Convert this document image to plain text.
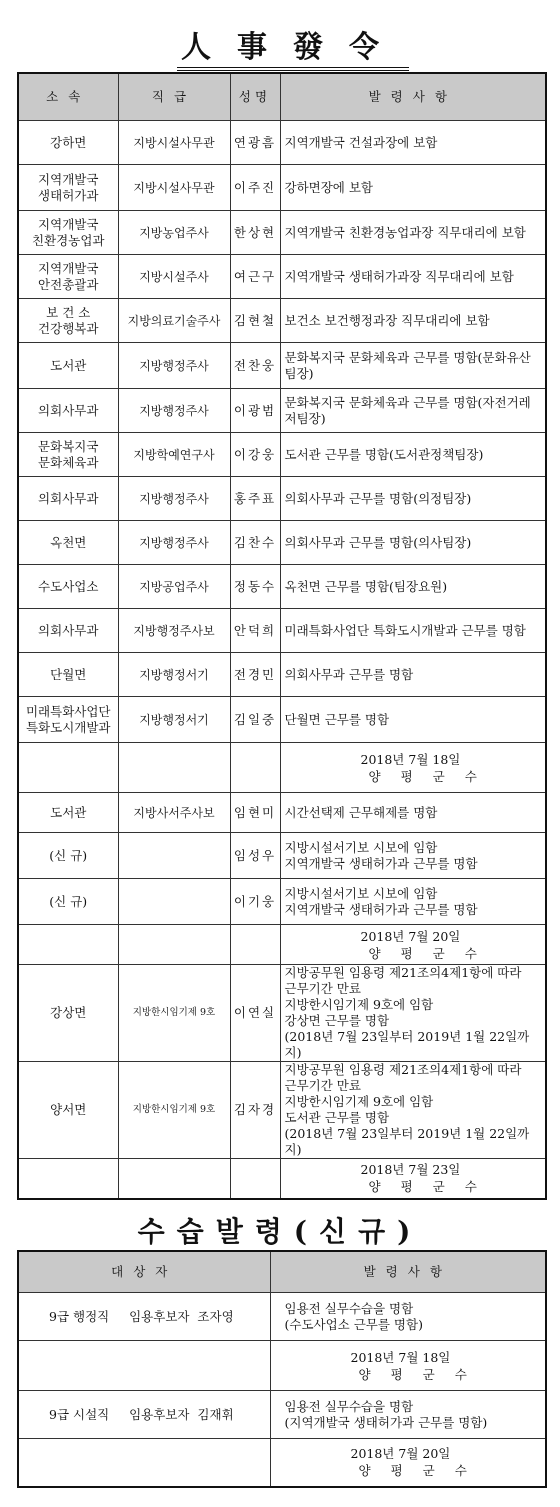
人事發令
소속	직급	성명	발령사항

강하면	지방시설사무관	연광흠	지역개발국 건설과장에 보함

지역개발국
생태허가과	지방시설사무관	이주진	강하면장에 보함

지역개발국
친환경농업과	지방농업주사	한상현	지역개발국 친환경농업과장 직무대리에 보함

지역개발국
안전총괄과	지방시설주사	여근구	지역개발국 생태허가과장 직무대리에 보함

보 건 소
건강행복과	지방의료기술주사	김현철	보건소 보건행정과장 직무대리에 보함

도서관	지방행정주사	전찬웅	문화복지국 문화체육과 근무를 명함(문화유산
팀장)

의회사무과	지방행정주사	이광범	문화복지국 문화체육과 근무를 명함(자전거레
저팀장)

문화복지국
문화체육과	지방학예연구사	이강웅	도서관 근무를 명함(도서관정책팀장)

의회사무과	지방행정주사	홍주표	의회사무과 근무를 명함(의정팀장)

옥천면	지방행정주사	김찬수	의회사무과 근무를 명함(의사팀장)

수도사업소	지방공업주사	정동수	옥천면 근무를 명함(팀장요원)

의회사무과	지방행정주사보	안덕희	미래특화사업단 특화도시개발과 근무를 명함

단월면	지방행정서기	전경민	의회사무과 근무를 명함

미래특화사업단
특화도시개발과	지방행정서기	김일중	단월면 근무를 명함

			2018년 7월 18일
양평군수

도서관	지방사서주사보	임현미	시간선택제 근무해제를 명함

(신 규)		임성우	지방시설서기보 시보에 임함
지역개발국 생태허가과 근무를 명함

(신 규)		이기웅	지방시설서기보 시보에 임함
지역개발국 생태허가과 근무를 명함

			2018년 7월 20일
양평군수

강상면	지방한시임기제 9호	이연실	지방공무원 임용령 제21조의4제1항에 따라
근무기간 만료
지방한시임기제 9호에 임함
강상면 근무를 명함
(2018년 7월 23일부터 2019년 1월 22일까지)

양서면	지방한시임기제 9호	김자경	지방공무원 임용령 제21조의4제1항에 따라
근무기간 만료
지방한시임기제 9호에 임함
도서관 근무를 명함
(2018년 7월 23일부터 2019년 1월 22일까지)

			2018년 7월 23일
양평군수
수습발령(신규)
대상자	발령사항
9급 행정직     임용후보자  조자영	임용전 실무수습을 명함
(수도사업소 근무를 명함)

	2018년 7월 18일
양평군수

9급 시설직     임용후보자  김재휘	임용전 실무수습을 명함
(지역개발국 생태허가과 근무를 명함)

	2018년 7월 20일
양평군수
